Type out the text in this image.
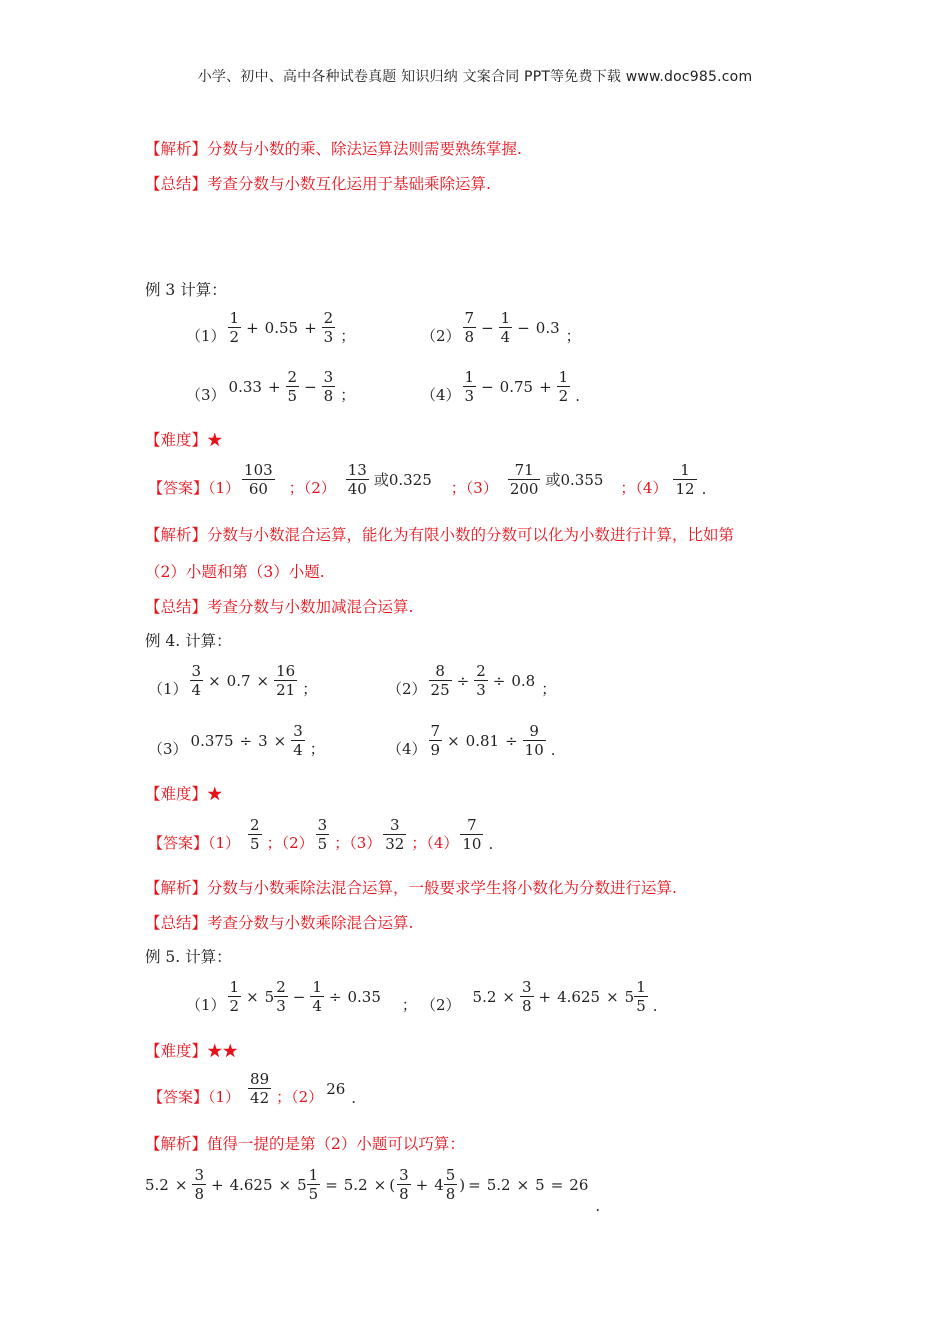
小学、初中、高中各种试卷真题 知识归纳 文案合同 PPT等免费下载 www.doc985.com
【解析】分数与小数的乘、除法运算法则需要熟练掌握.
【总结】考查分数与小数互化运用于基础乘除运算.
例 3 计算：
$(1) \frac{1}{2} + 0.55 + \frac{2}{3}$ ；	$(2) \frac{7}{8} - \frac{1}{4} - 0.3$ ；
（3） $0.33 + \frac{2}{5} - \frac{3}{8}$ ；	$(4) \frac{1}{3} - 0.75 + \frac{1}{2}$ .
【难度】★
【答案】$(1) \frac{103}{60}$ ；$(2) \frac{13}{40}$ 或0.325 ；$(3) \frac{71}{200}$ 或0.355 ；$(4) \frac{1}{12}$ .
【解析】分数与小数混合运算，能化为有限小数的分数可以化为小数进行计算，比如第
（2）小题和第（3）小题.
【总结】考查分数与小数加减混合运算.
例 4. 计算：
$(1) \frac{3}{4} \times 0.7 \times \frac{16}{21}$ ；	$(2) \frac{8}{25} \div \frac{2}{3} \div 0.8$ ；
（3） $0.375 \div 3 \times \frac{3}{4}$ ；	$(4) \frac{7}{9} \times 0.81 \div \frac{9}{10}$ .
【难度】★
【答案】$(1) \frac{2}{5}$ ；$(2) \frac{3}{5}$ ；$(3) \frac{3}{32}$ ；$(4) \frac{7}{10}$ .
【解析】分数与小数乘除法混合运算，一般要求学生将小数化为分数进行运算.
【总结】考查分数与小数乘除混合运算.
例 5. 计算：
$(1) \frac{1}{2} \times 5 \frac{2}{3} - \frac{1}{4} \div 0.35$ ； （2） $5.2 \times \frac{3}{8} + 4.625 \times 5 \frac{1}{5}$ .
【难度】★★
【答案】$(1) \frac{89}{42}$ ；（2） 26.
【解析】值得一提的是第（2）小题可以巧算：
$5.2 \times \frac{3}{8} + 4.625 \times 5 \frac{1}{5} = 5.2$ × ( $\frac{3}{8} + 4 \frac{5}{8}$ ) = 5.2 × 5 = 26.
